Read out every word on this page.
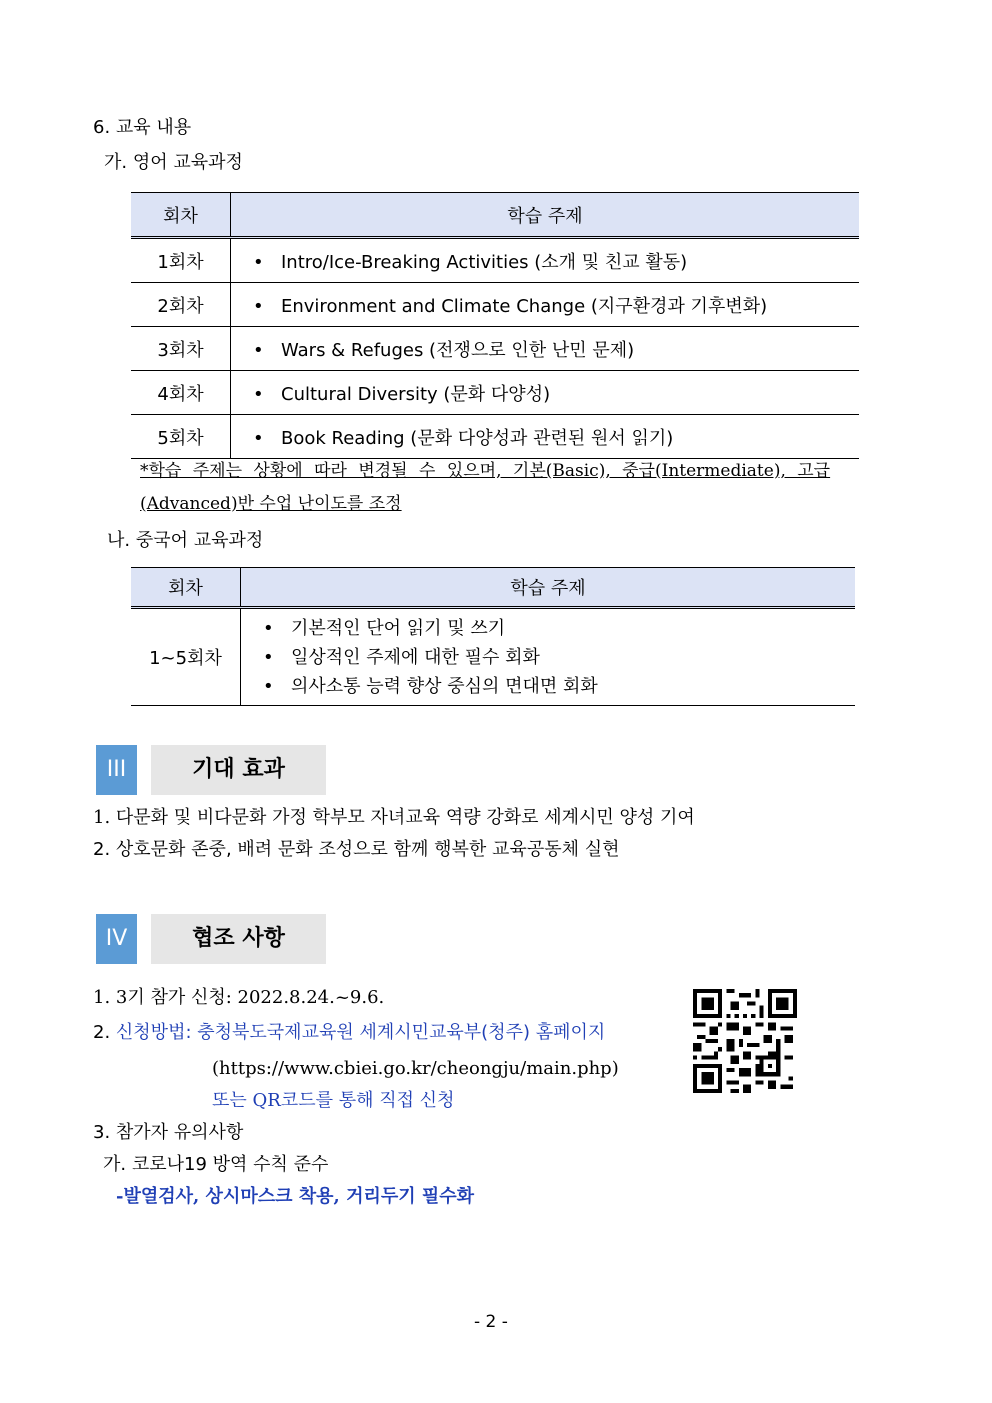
6. 교육 내용
가. 영어 교육과정
회차	학습 주제
1회차	• Intro/Ice-Breaking Activities (소개 및 친교 활동)
2회차	• Environment and Climate Change (지구환경과 기후변화)
3회차	• Wars & Refuges (전쟁으로 인한 난민 문제)
4회차	• Cultural Diversity (문화 다양성)
5회차	• Book Reading (문화 다양성과 관련된 원서 읽기)
*학습 주제는 상황에 따라 변경될 수 있으며, 기본(Basic), 중급(Intermediate), 고급
(Advanced)반 수업 난이도를 조정
나. 중국어 교육과정
회차	학습 주제
1~5회차	• 기본적인 단어 읽기 및 쓰기
• 일상적인 주제에 대한 필수 회화
• 의사소통 능력 향상 중심의 면대면 회화
III	기대 효과
1. 다문화 및 비다문화 가정 학부모 자녀교육 역량 강화로 세계시민 양성 기여
2. 상호문화 존중, 배려 문화 조성으로 함께 행복한 교육공동체 실현
IV	협조 사항
1. 3기 참가 신청: 2022.8.24.~9.6.
2. 신청방법: 충청북도국제교육원 세계시민교육부(청주) 홈페이지
(https://www.cbiei.go.kr/cheongju/main.php)
또는 QR코드를 통해 직접 신청
3. 참가자 유의사항
가. 코로나19 방역 수칙 준수
-발열검사, 상시마스크 착용, 거리두기 필수화
- 2 -
